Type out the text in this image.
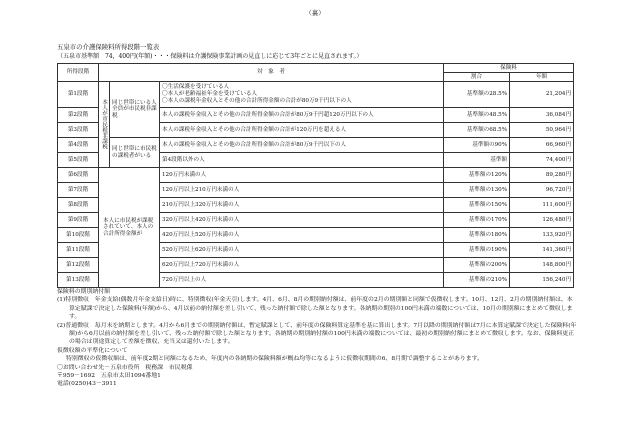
（裏）
五泉市の介護保険料所得段階一覧表
（五泉市基準額　74，400円(年額)・・・保険料は介護保険事業計画の見直しに応じて3年ごとに見直されます。）
所得段階	対　象　者			保険料	
				割合	年額
第1段階	本人が市民税非課税	同じ世帯にいる人全員が市民税非課税	〇生活保護を受けている人
〇本人が老齢福祉年金を受けている人
〇本人の課税年金収入とその他の合計所得金額の合計が80万9千円以下の人	基準額の28.5%	21,204円
第2段階			本人の課税年金収入とその他の合計所得金額の合計が80万9千円超120万円以下の人	基準額の48.5%	36,084円
第3段階			本人の課税年金収入とその他の合計所得金額の合計が120万円を超える人	基準額の68.5%	50,964円
第4段階		同じ世帯に市民税の課税者がいる	本人の課税年金収入とその他の合計所得金額の合計が80万9千円以下の人	基準額の90%	66,960円
第5段階			第4段階以外の人	基準額	74,400円
第6段階	本人に市民税が課税されていて、本人の合計所得金額が		120万円未満の人	基準額の120%	89,280円
第7段階			120万円以上210万円未満の人	基準額の130%	96,720円
第8段階			210万円以上320万円未満の人	基準額の150%	111,600円
第9段階			320万円以上420万円未満の人	基準額の170%	126,480円
第10段階			420万円以上520万円未満の人	基準額の180%	133,920円
第11段階			520万円以上620万円未満の人	基準額の190%	141,360円
第12段階			620万円以上720万円未満の人	基準額の200%	148,800円
第13段階			720万円以上の人	基準額の210%	156,240円

保険料の期別納付額

(1)特別徴収　年金支給(偶数月年金支給日)時に、特別徴収(年金天引)します。4月、6月、8月の期別納付額は、前年度の2月の期別額と同額で仮徴収します。10月、12月、2月の期別納付額は、本算定賦課で決定した保険料(年額)から、4月以前の納付額を差し引いて、残った納付額で除した額となります。各納期の期別の100円未満の端数については、10月の期別額にまとめて徴収します。

(2)普通徴収　毎月末を納期とします。4月から6月までの期別納付額は、暫定賦課として、前年度の保険料算定基準を基に算出します。7月以降の期別納付額は7月に本算定賦課で決定した保険料(年額)から6月以前の納付額を差し引いて、残った納付額で除した額となります。各納期の期別納付額の100円未満の端数については、最初の期別納付額にまとめて徴収します。なお、保険料更正の場合は別途算定して差額を徴収、充当又は還付いたします。

仮徴収額の平準化について

特別徴収の仮徴収額は、前年度2期と同額になるため、年度内の各納期の保険料額が概ね均等になるように仮徴収期間の6、8月期で調整することがあります。

〇お問い合わせ先－五泉市役所　税務課　市民税係

〒959－1692　五泉市太田1094番地1

電話(0250)43－3911
